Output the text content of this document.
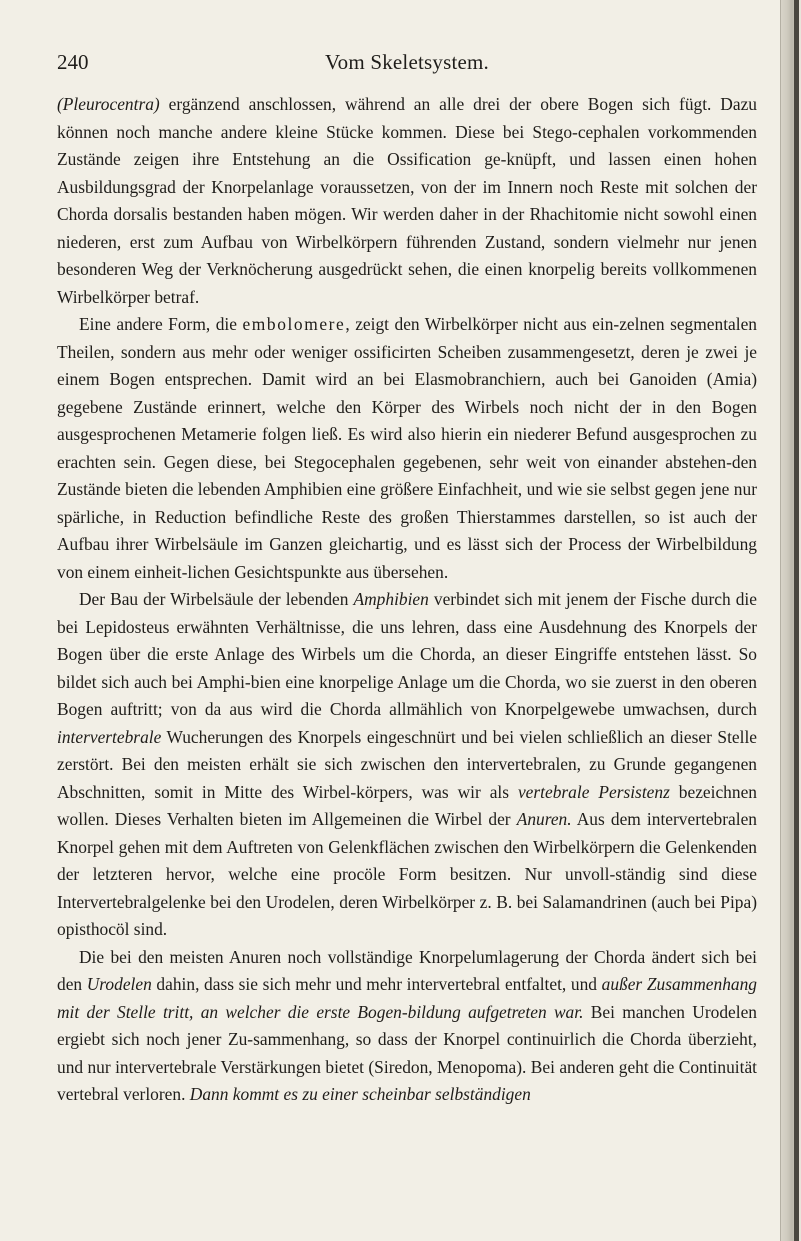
240	Vom Skeletsystem.

(Pleurocentra) ergänzend anschlossen, während an alle drei der obere Bogen sich fügt. Dazu können noch manche andere kleine Stücke kommen. Diese bei Stego-cephalen vorkommenden Zustände zeigen ihre Entstehung an die Ossification ge-knüpft, und lassen einen hohen Ausbildungsgrad der Knorpelanlage voraussetzen, von der im Innern noch Reste mit solchen der Chorda dorsalis bestanden haben mögen. Wir werden daher in der Rhachitomie nicht sowohl einen niederen, erst zum Aufbau von Wirbelkörpern führenden Zustand, sondern vielmehr nur jenen besonderen Weg der Verknöcherung ausgedrückt sehen, die einen knorpelig bereits vollkommenen Wirbelkörper betraf.

Eine andere Form, die embolomere, zeigt den Wirbelkörper nicht aus ein-zelnen segmentalen Theilen, sondern aus mehr oder weniger ossificirten Scheiben zusammengesetzt, deren je zwei je einem Bogen entsprechen. Damit wird an bei Elasmobranchiern, auch bei Ganoiden (Amia) gegebene Zustände erinnert, welche den Körper des Wirbels noch nicht der in den Bogen ausgesprochenen Metamerie folgen ließ. Es wird also hierin ein niederer Befund ausgesprochen zu erachten sein. Gegen diese, bei Stegocephalen gegebenen, sehr weit von einander abstehen-den Zustände bieten die lebenden Amphibien eine größere Einfachheit, und wie sie selbst gegen jene nur spärliche, in Reduction befindliche Reste des großen Thierstammes darstellen, so ist auch der Aufbau ihrer Wirbelsäule im Ganzen gleichartig, und es lässt sich der Process der Wirbelbildung von einem einheit-lichen Gesichtspunkte aus übersehen.

Der Bau der Wirbelsäule der lebenden Amphibien verbindet sich mit jenem der Fische durch die bei Lepidosteus erwähnten Verhältnisse, die uns lehren, dass eine Ausdehnung des Knorpels der Bogen über die erste Anlage des Wirbels um die Chorda, an dieser Eingriffe entstehen lässt. So bildet sich auch bei Amphi-bien eine knorpelige Anlage um die Chorda, wo sie zuerst in den oberen Bogen auftritt; von da aus wird die Chorda allmählich von Knorpelgewebe umwachsen, durch intervertebrale Wucherungen des Knorpels eingeschnürt und bei vielen schließlich an dieser Stelle zerstört. Bei den meisten erhält sie sich zwischen den intervertebralen, zu Grunde gegangenen Abschnitten, somit in Mitte des Wirbel-körpers, was wir als vertebrale Persistenz bezeichnen wollen. Dieses Verhalten bieten im Allgemeinen die Wirbel der Anuren. Aus dem intervertebralen Knorpel gehen mit dem Auftreten von Gelenkflächen zwischen den Wirbelkörpern die Gelenkenden der letzteren hervor, welche eine procöle Form besitzen. Nur unvoll-ständig sind diese Intervertebralgelenke bei den Urodelen, deren Wirbelkörper z. B. bei Salamandrinen (auch bei Pipa) opisthocöl sind.

Die bei den meisten Anuren noch vollständige Knorpelumlagerung der Chorda ändert sich bei den Urodelen dahin, dass sie sich mehr und mehr intervertebral entfaltet, und außer Zusammenhang mit der Stelle tritt, an welcher die erste Bogen-bildung aufgetreten war. Bei manchen Urodelen ergiebt sich noch jener Zu-sammenhang, so dass der Knorpel continuirlich die Chorda überzieht, und nur intervertebrale Verstärkungen bietet (Siredon, Menopoma). Bei anderen geht die Continuität vertebral verloren. Dann kommt es zu einer scheinbar selbständigen
